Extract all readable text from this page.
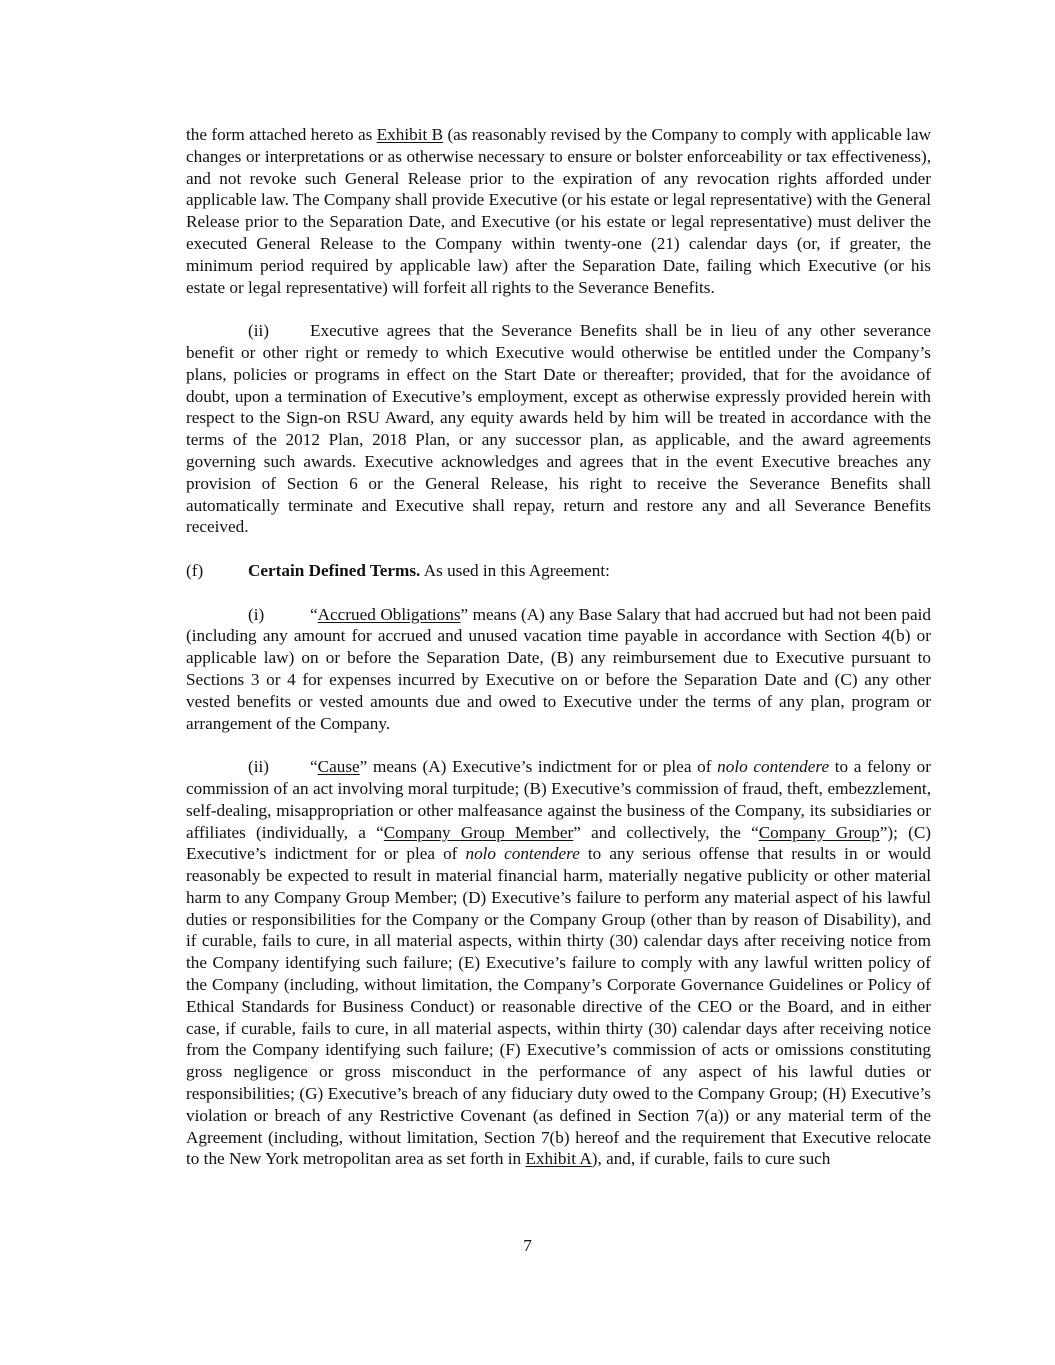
the form attached hereto as Exhibit B (as reasonably revised by the Company to comply with applicable law changes or interpretations or as otherwise necessary to ensure or bolster enforceability or tax effectiveness), and not revoke such General Release prior to the expiration of any revocation rights afforded under applicable law. The Company shall provide Executive (or his estate or legal representative) with the General Release prior to the Separation Date, and Executive (or his estate or legal representative) must deliver the executed General Release to the Company within twenty-one (21) calendar days (or, if greater, the minimum period required by applicable law) after the Separation Date, failing which Executive (or his estate or legal representative) will forfeit all rights to the Severance Benefits.

(ii) Executive agrees that the Severance Benefits shall be in lieu of any other severance benefit or other right or remedy to which Executive would otherwise be entitled under the Company’s plans, policies or programs in effect on the Start Date or thereafter; provided, that for the avoidance of doubt, upon a termination of Executive’s employment, except as otherwise expressly provided herein with respect to the Sign-on RSU Award, any equity awards held by him will be treated in accordance with the terms of the 2012 Plan, 2018 Plan, or any successor plan, as applicable, and the award agreements governing such awards. Executive acknowledges and agrees that in the event Executive breaches any provision of Section 6 or the General Release, his right to receive the Severance Benefits shall automatically terminate and Executive shall repay, return and restore any and all Severance Benefits received.

(f)	Certain Defined Terms. As used in this Agreement:

(i)	“Accrued Obligations” means (A) any Base Salary that had accrued but had not been paid (including any amount for accrued and unused vacation time payable in accordance with Section 4(b) or applicable law) on or before the Separation Date, (B) any reimbursement due to Executive pursuant to Sections 3 or 4 for expenses incurred by Executive on or before the Separation Date and (C) any other vested benefits or vested amounts due and owed to Executive under the terms of any plan, program or arrangement of the Company.

(ii) “Cause” means (A) Executive’s indictment for or plea of nolo contendere to a felony or commission of an act involving moral turpitude; (B) Executive’s commission of fraud, theft, embezzlement, self-dealing, misappropriation or other malfeasance against the business of the Company, its subsidiaries or affiliates (individually, a “Company Group Member” and collectively, the “Company Group”); (C) Executive’s indictment for or plea of nolo contendere to any serious offense that results in or would reasonably be expected to result in material financial harm, materially negative publicity or other material harm to any Company Group Member; (D) Executive’s failure to perform any material aspect of his lawful duties or responsibilities for the Company or the Company Group (other than by reason of Disability), and if curable, fails to cure, in all material aspects, within thirty (30) calendar days after receiving notice from the Company identifying such failure; (E) Executive’s failure to comply with any lawful written policy of the Company (including, without limitation, the Company’s Corporate Governance Guidelines or Policy of Ethical Standards for Business Conduct) or reasonable directive of the CEO or the Board, and in either case, if curable, fails to cure, in all material aspects, within thirty (30) calendar days after receiving notice from the Company identifying such failure; (F) Executive’s commission of acts or omissions constituting gross negligence or gross misconduct in the performance of any aspect of his lawful duties or responsibilities; (G) Executive’s breach of any fiduciary duty owed to the Company Group; (H) Executive’s violation or breach of any Restrictive Covenant (as defined in Section 7(a)) or any material term of the Agreement (including, without limitation, Section 7(b) hereof and the requirement that Executive relocate to the New York metropolitan area as set forth in Exhibit A), and, if curable, fails to cure such

7
